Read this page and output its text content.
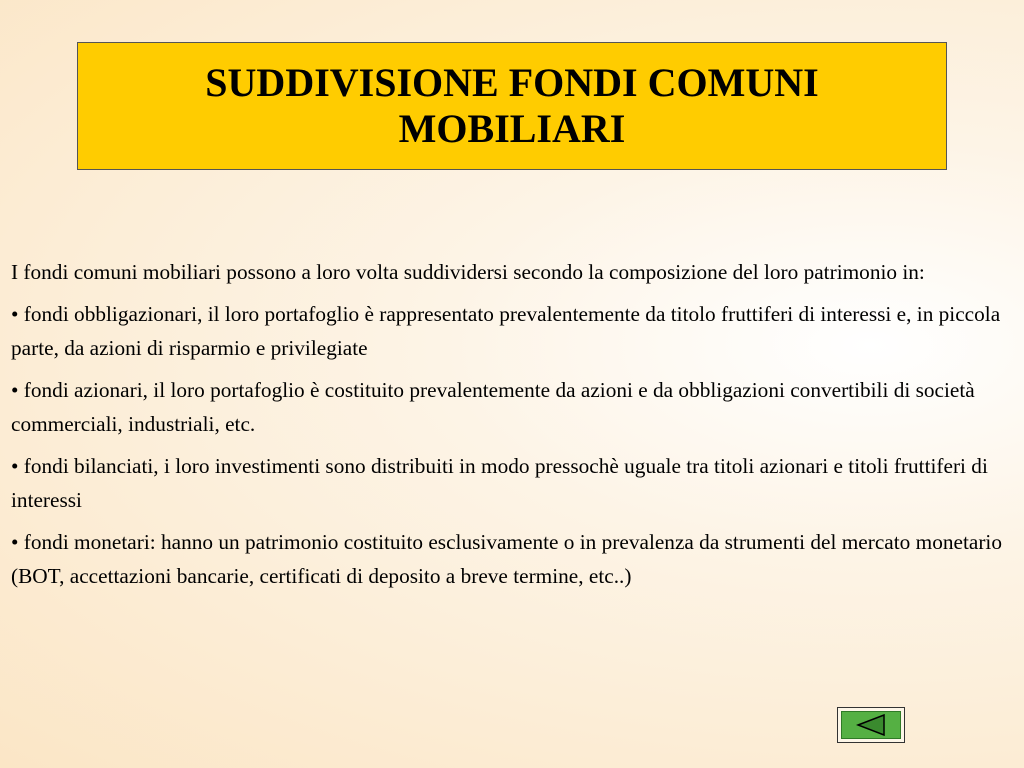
SUDDIVISIONE FONDI COMUNI
MOBILIARI

I fondi comuni mobiliari possono a loro volta suddividersi secondo la composizione del loro patrimonio in:

• fondi obbligazionari, il loro portafoglio è rappresentato prevalentemente da titolo fruttiferi di interessi e, in piccola parte, da azioni di risparmio e privilegiate

• fondi azionari, il loro portafoglio è costituito prevalentemente da azioni e da obbligazioni convertibili di società commerciali, industriali, etc.

• fondi bilanciati, i loro investimenti sono distribuiti in modo pressochè uguale tra titoli azionari e titoli fruttiferi di interessi

• fondi monetari: hanno un patrimonio costituito esclusivamente o in prevalenza da strumenti del mercato monetario (BOT, accettazioni bancarie, certificati di deposito a breve termine, etc..)
